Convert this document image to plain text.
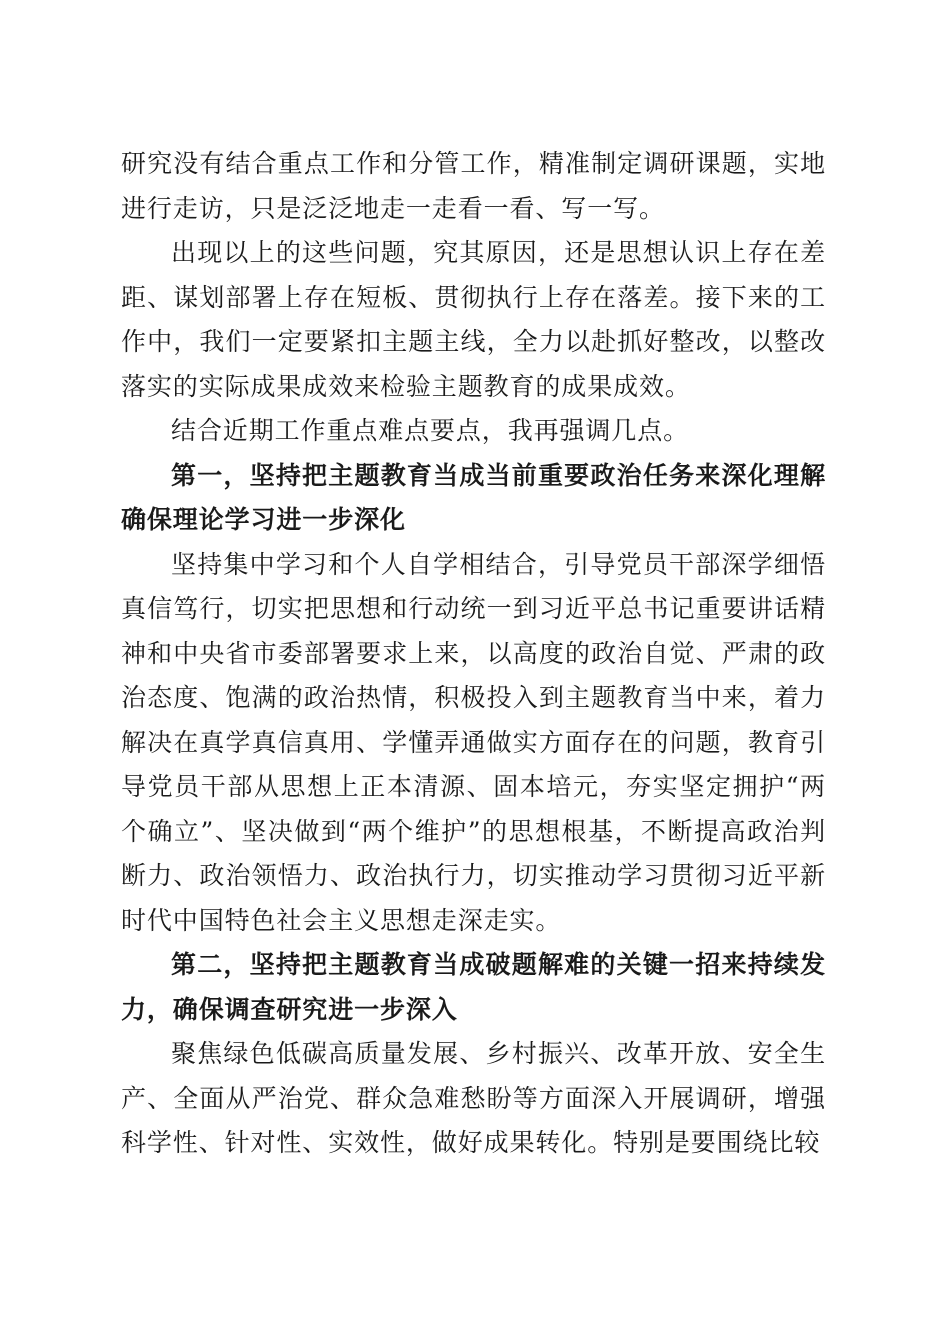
研究没有结合重点工作和分管工作，精准制定调研课题，实地进行走访，只是泛泛地走一走看一看、写一写。

出现以上的这些问题，究其原因，还是思想认识上存在差距、谋划部署上存在短板、贯彻执行上存在落差。接下来的工作中，我们一定要紧扣主题主线，全力以赴抓好整改，以整改落实的实际成果成效来检验主题教育的成果成效。

结合近期工作重点难点要点，我再强调几点。

第一，坚持把主题教育当成当前重要政治任务来深化理解确保理论学习进一步深化

坚持集中学习和个人自学相结合，引导党员干部深学细悟真信笃行，切实把思想和行动统一到习近平总书记重要讲话精神和中央省市委部署要求上来，以高度的政治自觉、严肃的政治态度、饱满的政治热情，积极投入到主题教育当中来，着力解决在真学真信真用、学懂弄通做实方面存在的问题，教育引导党员干部从思想上正本清源、固本培元，夯实坚定拥护“两个确立”、坚决做到“两个维护”的思想根基，不断提高政治判断力、政治领悟力、政治执行力，切实推动学习贯彻习近平新时代中国特色社会主义思想走深走实。

第二，坚持把主题教育当成破题解难的关键一招来持续发力，确保调查研究进一步深入

聚焦绿色低碳高质量发展、乡村振兴、改革开放、安全生产、全面从严治党、群众急难愁盼等方面深入开展调研，增强科学性、针对性、实效性，做好成果转化。特别是要围绕比较
